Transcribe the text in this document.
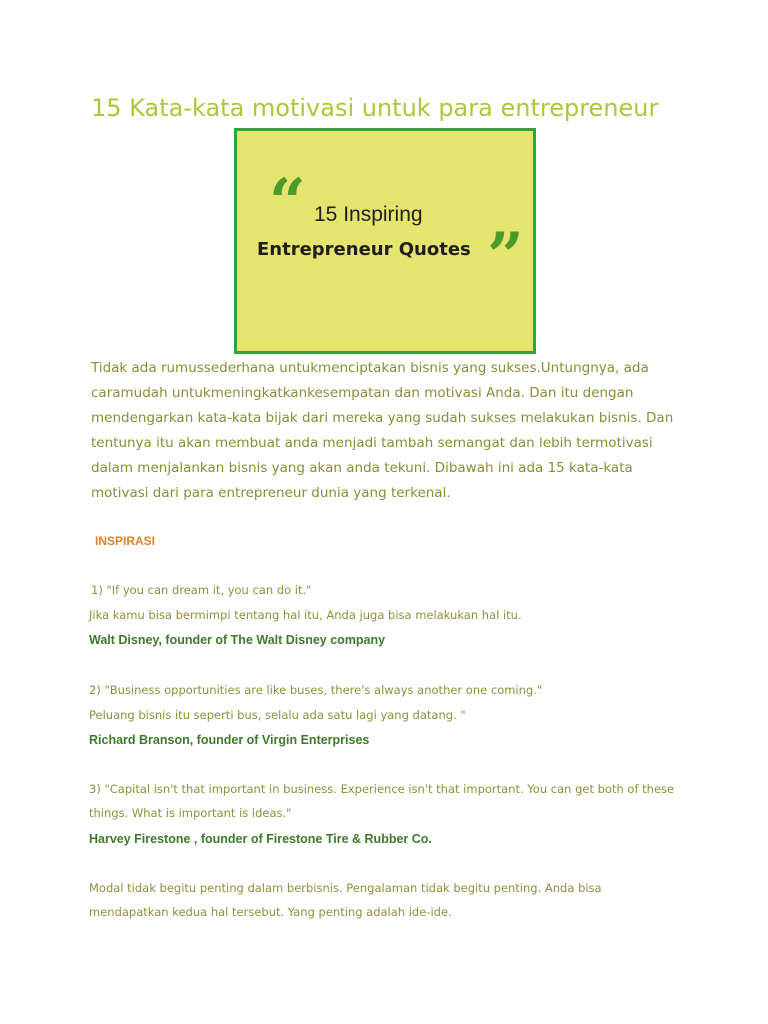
15 Kata-kata motivasi untuk para entrepreneur
“ 15 Inspiring
Entrepreneur Quotes ”

Tidak ada rumussederhana untukmenciptakan bisnis yang sukses.Untungnya, ada caramudah untukmeningkatkankesempatan dan motivasi Anda. Dan itu dengan mendengarkan kata-kata bijak dari mereka yang sudah sukses melakukan bisnis. Dan tentunya itu akan membuat anda menjadi tambah semangat dan lebih termotivasi dalam menjalankan bisnis yang akan anda tekuni. Dibawah ini ada 15 kata-kata motivasi dari para entrepreneur dunia yang terkenal.

INSPIRASI

1) "If you can dream it, you can do it."

Jika kamu bisa bermimpi tentang hal itu, Anda juga bisa melakukan hal itu.

Walt Disney, founder of The Walt Disney company

2) "Business opportunities are like buses, there's always another one coming."

Peluang bisnis itu seperti bus, selalu ada satu lagi yang datang. "

Richard Branson, founder of Virgin Enterprises

3) "Capital isn't that important in business. Experience isn't that important. You can get both of these things. What is important is ideas."

Harvey Firestone , founder of Firestone Tire & Rubber Co.

Modal tidak begitu penting dalam berbisnis. Pengalaman tidak begitu penting. Anda bisa mendapatkan kedua hal tersebut. Yang penting adalah ide-ide.
